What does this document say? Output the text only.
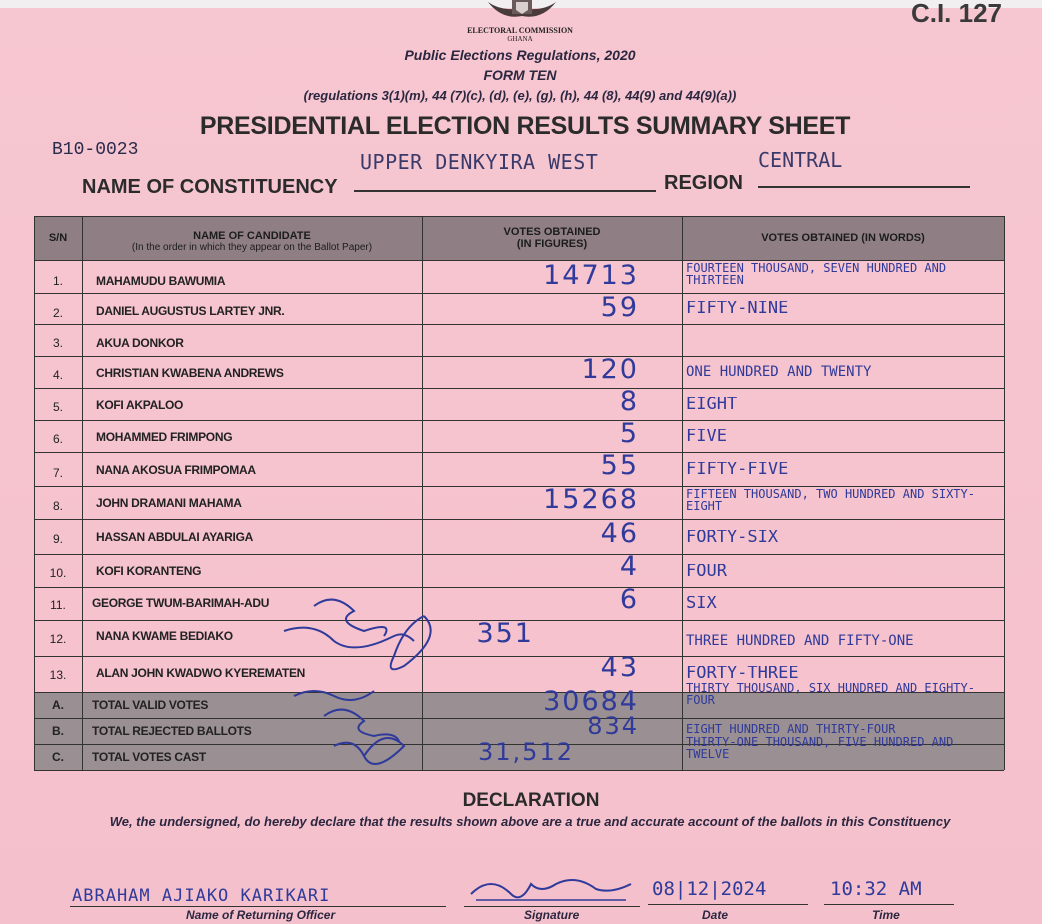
C.I. 127
ELECTORAL COMMISSION
GHANA
Public Elections Regulations, 2020
FORM TEN
(regulations 3(1)(m), 44 (7)(c), (d), (e), (g), (h), 44 (8), 44(9) and 44(9)(a))
PRESIDENTIAL ELECTION RESULTS SUMMARY SHEET
B10-0023	UPPER DENKYIRA WEST	CENTRAL
NAME OF CONSTITUENCY	REGION
S/N	NAME OF CANDIDATE
(In the order in which they appear on the Ballot Paper)
VOTES OBTAINED
(IN FIGURES)	VOTES OBTAINED (IN WORDS)
1.	MAHAMUDU BAWUMIA	14713	FOURTEEN THOUSAND, SEVEN HUNDRED AND THIRTEEN
2.	DANIEL AUGUSTUS LARTEY JNR.	59	FIFTY-NINE
3.	AKUA DONKOR
4.	CHRISTIAN KWABENA ANDREWS	120	ONE HUNDRED AND TWENTY
5.	KOFI AKPALOO	8	EIGHT
6.	MOHAMMED FRIMPONG	5	FIVE
7.	NANA AKOSUA FRIMPOMAA	55	FIFTY-FIVE
8.	JOHN DRAMANI MAHAMA	15268	FIFTEEN THOUSAND, TWO HUNDRED AND SIXTY-EIGHT
9.	HASSAN ABDULAI AYARIGA	46	FORTY-SIX
10.	KOFI KORANTENG	4	FOUR
11.	GEORGE TWUM-BARIMAH-ADU	6	SIX
12.	NANA KWAME BEDIAKO	351	THREE HUNDRED AND FIFTY-ONE
13.	ALAN JOHN KWADWO KYEREMATEN	43	FORTY-THREE
A.	TOTAL VALID VOTES	30684	THIRTY THOUSAND, SIX HUNDRED AND EIGHTY-FOUR
B.	TOTAL REJECTED BALLOTS	834	EIGHT HUNDRED AND THIRTY-FOUR
C.	TOTAL VOTES CAST	31,512	THIRTY-ONE THOUSAND, FIVE HUNDRED AND TWELVE
DECLARATION
We, the undersigned, do hereby declare that the results shown above are a true and accurate account of the ballots in this Constituency
ABRAHAM AJIAKO KARIKARI
Name of Returning Officer	Signature
08|12|2024
Date
10:32 AM
Time
